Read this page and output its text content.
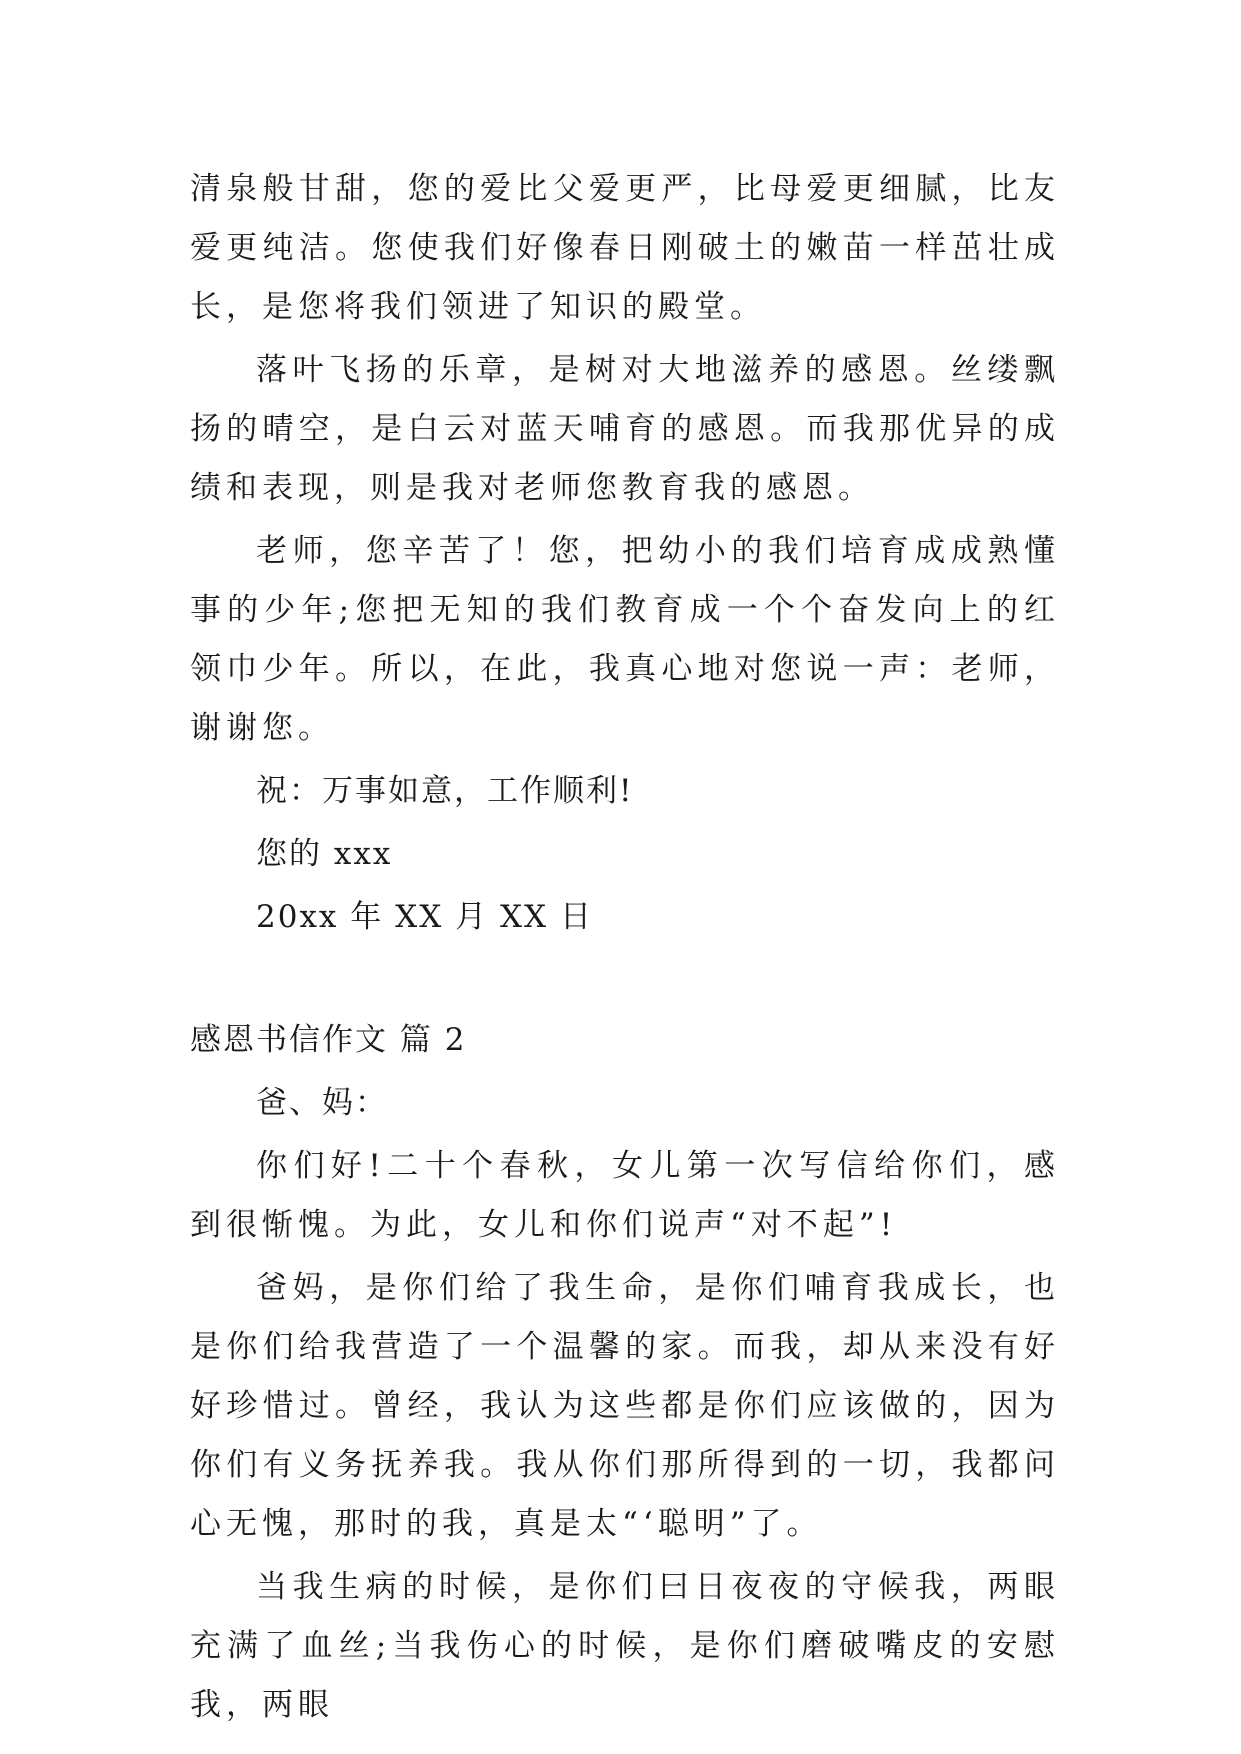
清泉般甘甜，您的爱比父爱更严，比母爱更细腻，比友爱更纯洁。您使我们好像春日刚破土的嫩苗一样茁壮成长，是您将我们领进了知识的殿堂。

落叶飞扬的乐章，是树对大地滋养的感恩。丝缕飘扬的晴空，是白云对蓝天哺育的感恩。而我那优异的成绩和表现，则是我对老师您教育我的感恩。

老师，您辛苦了！您，把幼小的我们培育成成熟懂事的少年;您把无知的我们教育成一个个奋发向上的红领巾少年。所以，在此，我真心地对您说一声：老师，谢谢您。

祝：万事如意，工作顺利!

您的 xxx

20xx 年 XX 月 XX 日

感恩书信作文 篇 2

爸、妈：

你们好!二十个春秋，女儿第一次写信给你们，感到很惭愧。为此，女儿和你们说声“对不起”!

爸妈，是你们给了我生命，是你们哺育我成长，也是你们给我营造了一个温馨的家。而我，却从来没有好好珍惜过。曾经，我认为这些都是你们应该做的，因为你们有义务抚养我。我从你们那所得到的一切，我都问心无愧，那时的我，真是太“‘聪明”了。

当我生病的时候，是你们曰日夜夜的守候我，两眼充满了血丝;当我伤心的时候，是你们磨破嘴皮的安慰我，两眼
